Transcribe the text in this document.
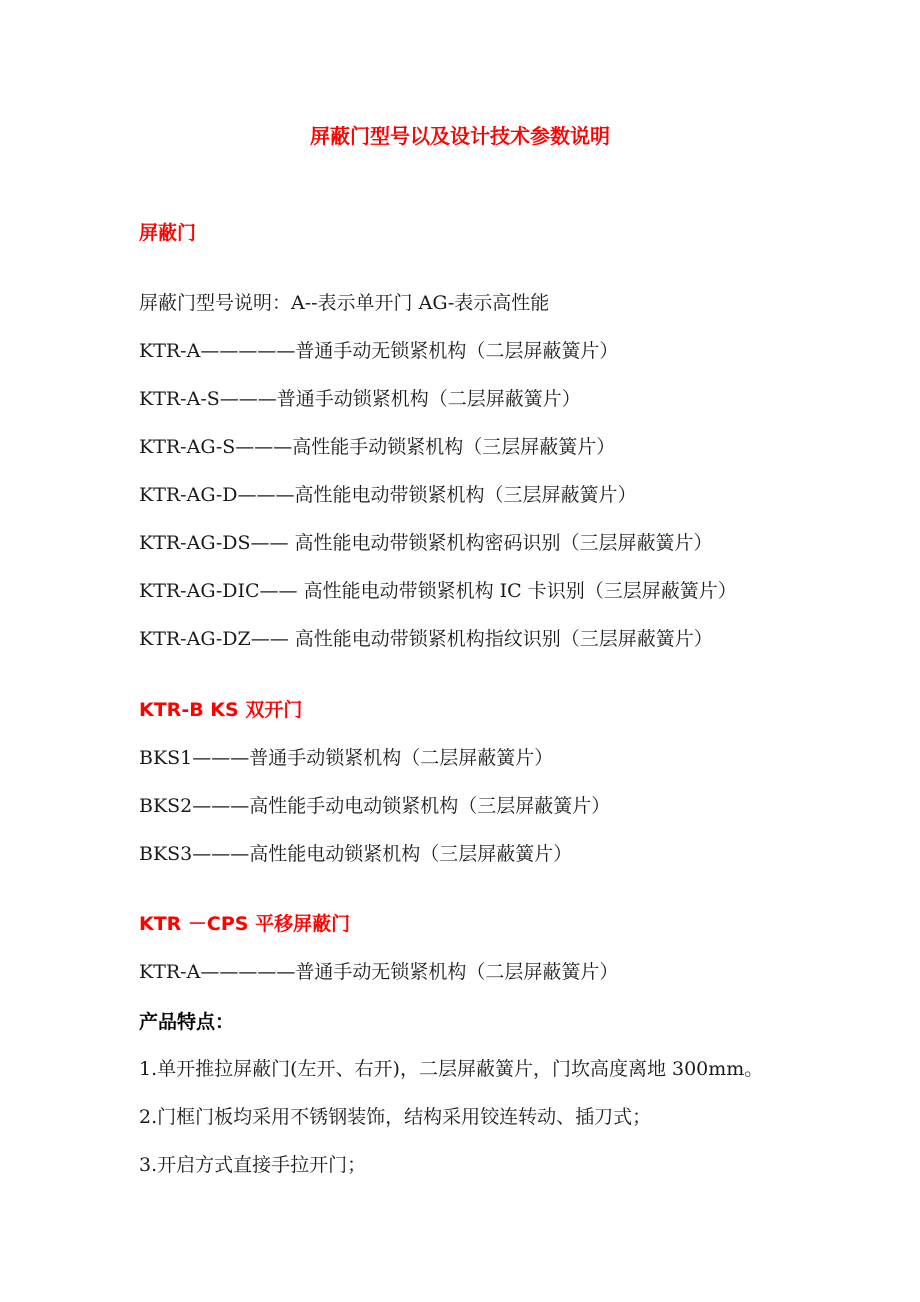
屏蔽门型号以及设计技术参数说明
屏蔽门
屏蔽门型号说明：A--表示单开门 AG-表示高性能
KTR-A—————普通手动无锁紧机构（二层屏蔽簧片）
KTR-A-S———普通手动锁紧机构（二层屏蔽簧片）
KTR-AG-S———高性能手动锁紧机构（三层屏蔽簧片）
KTR-AG-D———高性能电动带锁紧机构（三层屏蔽簧片）
KTR-AG-DS—— 高性能电动带锁紧机构密码识别（三层屏蔽簧片）
KTR-AG-DIC—— 高性能电动带锁紧机构 IC 卡识别（三层屏蔽簧片）
KTR-AG-DZ—— 高性能电动带锁紧机构指纹识别（三层屏蔽簧片）
KTR-B KS 双开门
BKS1———普通手动锁紧机构（二层屏蔽簧片）
BKS2———高性能手动电动锁紧机构（三层屏蔽簧片）
BKS3———高性能电动锁紧机构（三层屏蔽簧片）
KTR －CPS 平移屏蔽门
KTR-A—————普通手动无锁紧机构（二层屏蔽簧片）
产品特点：
1.单开推拉屏蔽门(左开、右开)，二层屏蔽簧片，门坎高度离地 300mm。
2.门框门板均采用不锈钢装饰，结构采用铰连转动、插刀式；
3.开启方式直接手拉开门；
